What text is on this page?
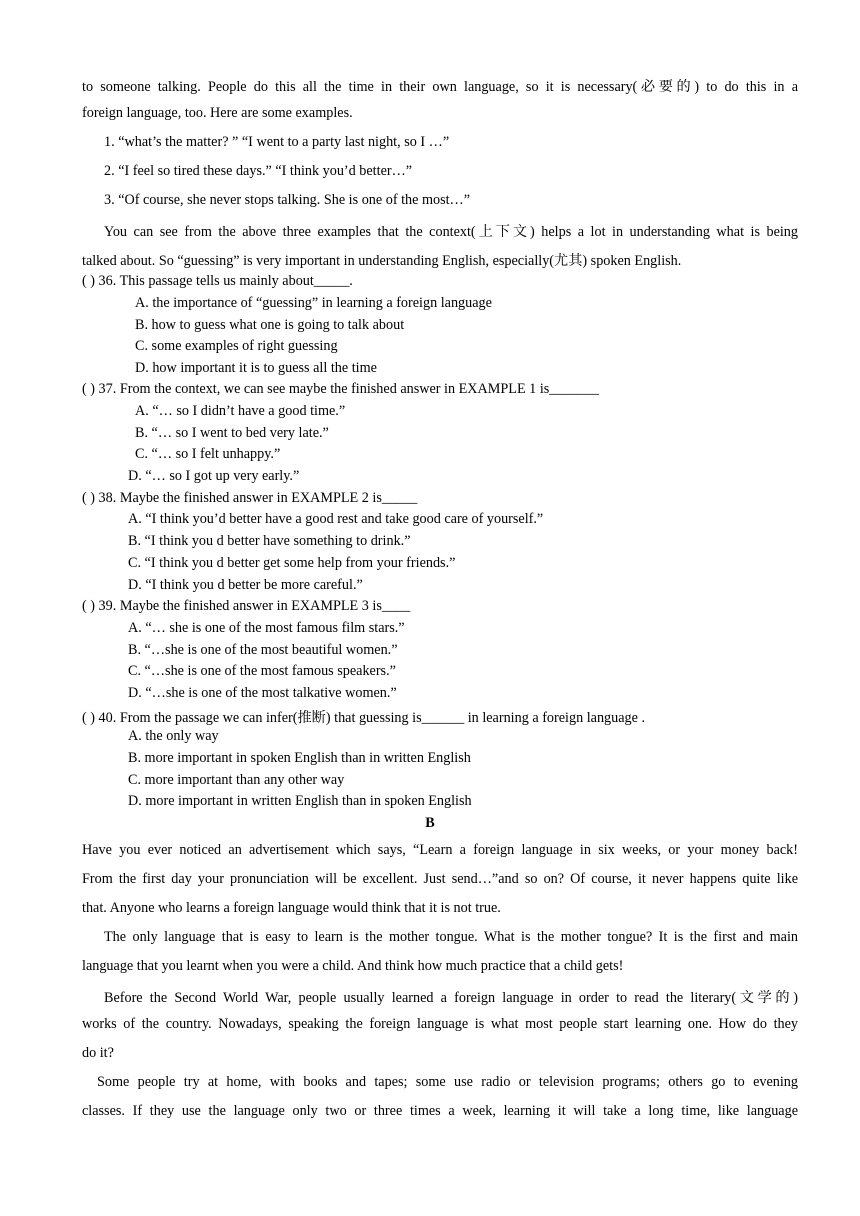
to someone talking. People do this all the time in their own language, so it is necessary(必要的) to do this in a
foreign language, too. Here are some examples.
1. “what’s the matter? ” “I went to a party last night, so I …”
2. “I feel so tired these days.” “I think you’d better…”
3. “Of course, she never stops talking. She is one of the most…”
You can see from the above three examples that the context(上下文) helps a lot in understanding what is being
talked about. So “guessing” is very important in understanding English, especially(尤其) spoken English.
( ) 36. This passage tells us mainly about_____.
A. the importance of “guessing” in learning a foreign language
B. how to guess what one is going to talk about
C. some examples of right guessing
D. how important it is to guess all the time
( ) 37. From the context, we can see maybe the finished answer in EXAMPLE 1 is_______
A. “… so I didn’t have a good time.”
B. “… so I went to bed very late.”
C. “… so I felt unhappy.”
D. “… so I got up very early.”
( ) 38. Maybe the finished answer in EXAMPLE 2 is_____
A. “I think you’d better have a good rest and take good care of yourself.”
B. “I think you d better have something to drink.”
C. “I think you d better get some help from your friends.”
D. “I think you d better be more careful.”
( ) 39. Maybe the finished answer in EXAMPLE 3 is____
A. “… she is one of the most famous film stars.”
B. “…she is one of the most beautiful women.”
C. “…she is one of the most famous speakers.”
D. “…she is one of the most talkative women.”
( ) 40. From the passage we can infer(推断) that guessing is______ in learning a foreign language .
A. the only way
B. more important in spoken English than in written English
C. more important than any other way
D. more important in written English than in spoken English
B
Have you ever noticed an advertisement which says, “Learn a foreign language in six weeks, or your money back!
From the first day your pronunciation will be excellent. Just send…”and so on? Of course, it never happens quite like
that. Anyone who learns a foreign language would think that it is not true.
The only language that is easy to learn is the mother tongue. What is the mother tongue? It is the first and main
language that you learnt when you were a child. And think how much practice that a child gets!
Before the Second World War, people usually learned a foreign language in order to read the literary(文学的)
works of the country. Nowadays, speaking the foreign language is what most people start learning one. How do they
do it?
Some people try at home, with books and tapes; some use radio or television programs; others go to evening
classes. If they use the language only two or three times a week, learning it will take a long time, like language
